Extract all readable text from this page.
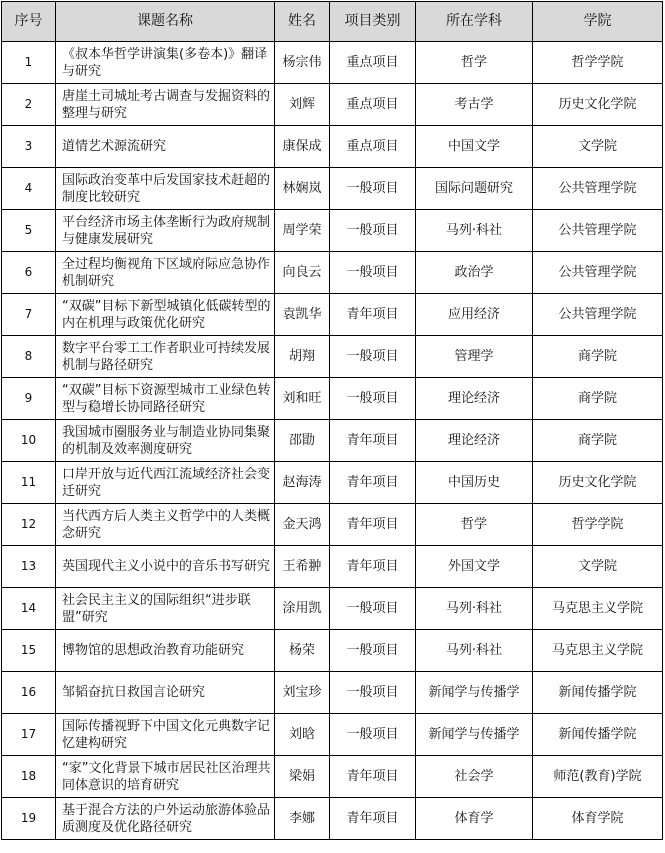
序号	课题名称	姓名	项目类别	所在学科	学院
1	《叔本华哲学讲演集(多卷本)》翻译与研究	杨宗伟	重点项目	哲学	哲学学院
2	唐崖土司城址考古调查与发掘资料的整理与研究	刘辉	重点项目	考古学	历史文化学院
3	道情艺术源流研究	康保成	重点项目	中国文学	文学院
4	国际政治变革中后发国家技术赶超的制度比较研究	林娴岚	一般项目	国际问题研究	公共管理学院
5	平台经济市场主体垄断行为政府规制与健康发展研究	周学荣	一般项目	马列·科社	公共管理学院
6	全过程均衡视角下区域府际应急协作机制研究	向良云	一般项目	政治学	公共管理学院
7	“双碳”目标下新型城镇化低碳转型的内在机理与政策优化研究	袁凯华	青年项目	应用经济	公共管理学院
8	数字平台零工工作者职业可持续发展机制与路径研究	胡翔	一般项目	管理学	商学院
9	“双碳”目标下资源型城市工业绿色转型与稳增长协同路径研究	刘和旺	一般项目	理论经济	商学院
10	我国城市圈服务业与制造业协同集聚的机制及效率测度研究	邵勖	青年项目	理论经济	商学院
11	口岸开放与近代西江流域经济社会变迁研究	赵海涛	青年项目	中国历史	历史文化学院
12	当代西方后人类主义哲学中的人类概念研究	金天鸿	青年项目	哲学	哲学学院
13	英国现代主义小说中的音乐书写研究	王希翀	青年项目	外国文学	文学院
14	社会民主主义的国际组织“进步联盟”研究	涂用凯	一般项目	马列·科社	马克思主义学院
15	博物馆的思想政治教育功能研究	杨荣	一般项目	马列·科社	马克思主义学院
16	邹韬奋抗日救国言论研究	刘宝珍	一般项目	新闻学与传播学	新闻传播学院
17	国际传播视野下中国文化元典数字记忆建构研究	刘晗	一般项目	新闻学与传播学	新闻传播学院
18	“家”文化背景下城市居民社区治理共同体意识的培育研究	梁娟	青年项目	社会学	师范(教育)学院
19	基于混合方法的户外运动旅游体验品质测度及优化路径研究	李娜	青年项目	体育学	体育学院
